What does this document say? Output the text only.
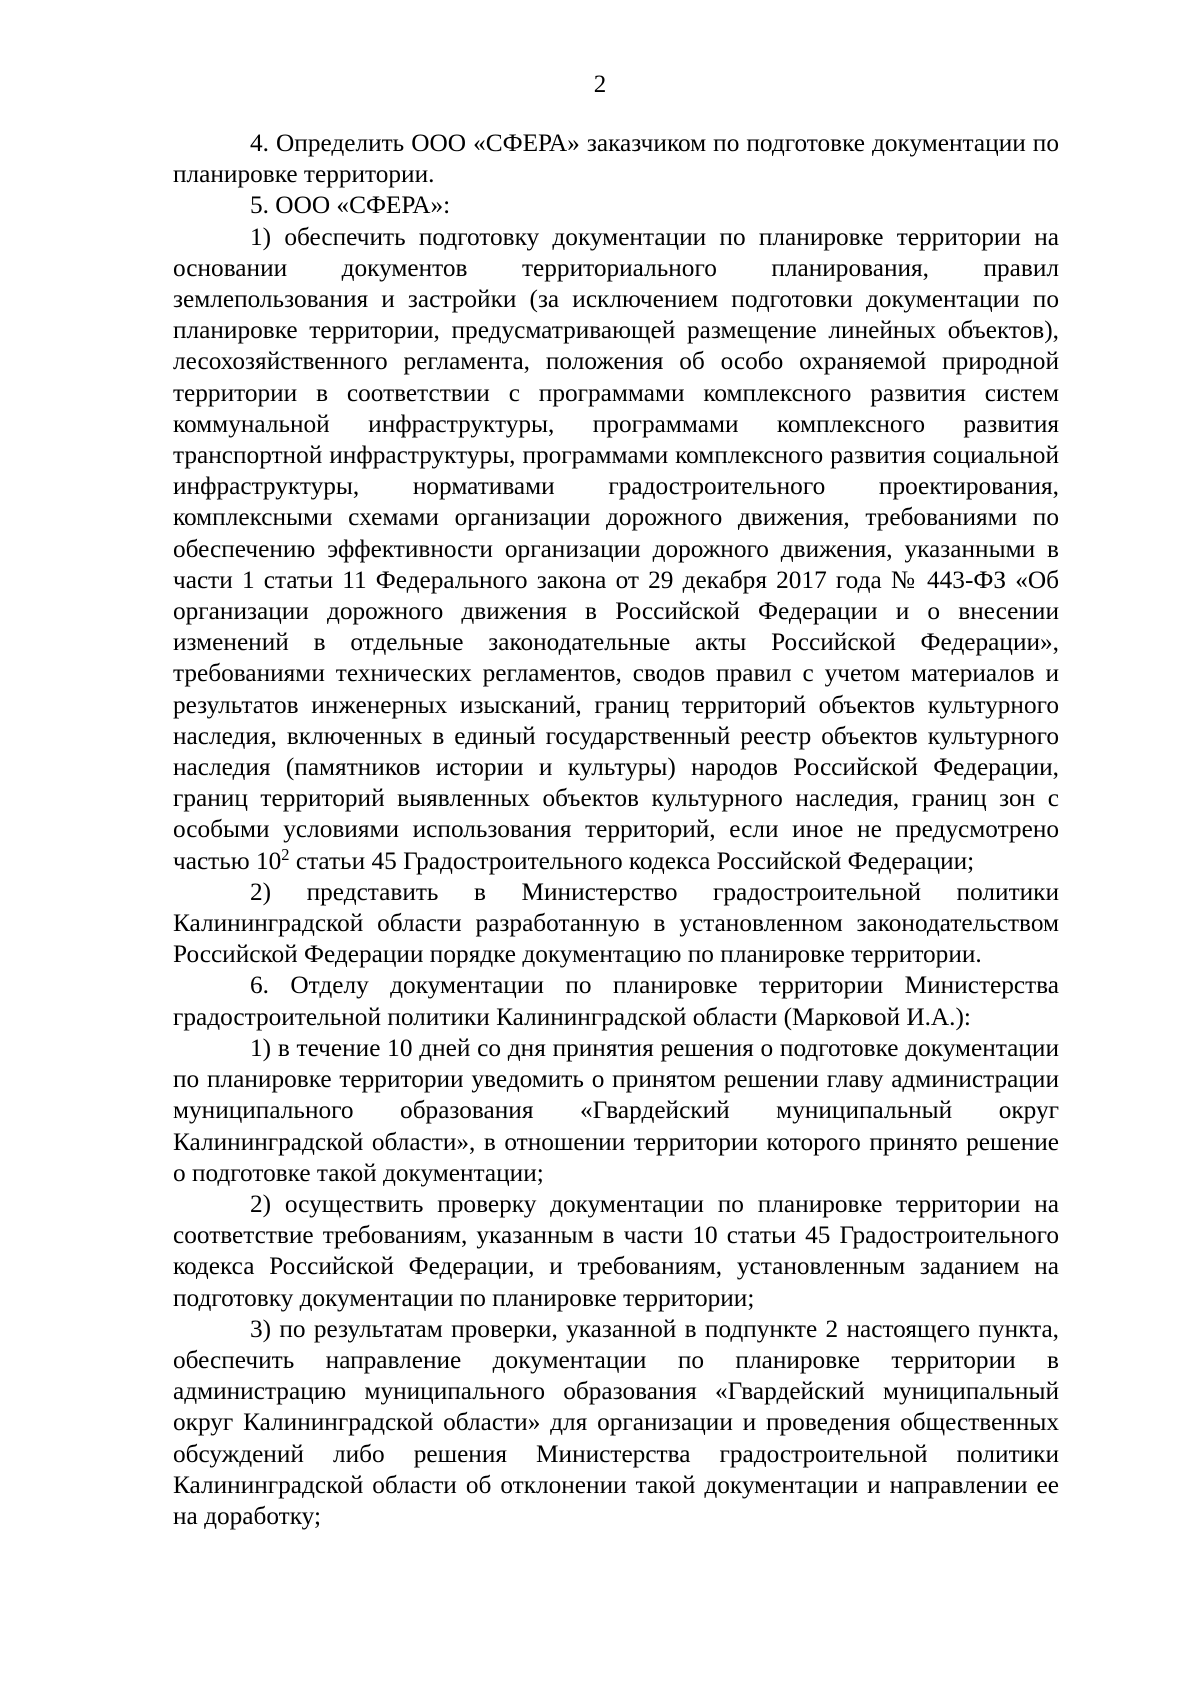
2

4. Определить ООО «СФЕРА» заказчиком по подготовке документации по планировке территории.

5. ООО «СФЕРА»:

1) обеспечить подготовку документации по планировке территории на основании документов территориального планирования, правил землепользования и застройки (за исключением подготовки документации по планировке территории, предусматривающей размещение линейных объектов), лесохозяйственного регламента, положения об особо охраняемой природной территории в соответствии с программами комплексного развития систем коммунальной инфраструктуры, программами комплексного развития транспортной инфраструктуры, программами комплексного развития социальной инфраструктуры, нормативами градостроительного проектирования, комплексными схемами организации дорожного движения, требованиями по обеспечению эффективности организации дорожного движения, указанными в части 1 статьи 11 Федерального закона от 29 декабря 2017 года № 443-ФЗ «Об организации дорожного движения в Российской Федерации и о внесении изменений в отдельные законодательные акты Российской Федерации», требованиями технических регламентов, сводов правил с учетом материалов и результатов инженерных изысканий, границ территорий объектов культурного наследия, включенных в единый государственный реестр объектов культурного наследия (памятников истории и культуры) народов Российской Федерации, границ территорий выявленных объектов культурного наследия, границ зон с особыми условиями использования территорий, если иное не предусмотрено частью $10^2$ статьи 45 Градостроительного кодекса Российской Федерации;

2) представить в Министерство градостроительной политики Калининградской области разработанную в установленном законодательством Российской Федерации порядке документацию по планировке территории.

6. Отделу документации по планировке территории Министерства градостроительной политики Калининградской области (Марковой И.А.):

1) в течение 10 дней со дня принятия решения о подготовке документации по планировке территории уведомить о принятом решении главу администрации муниципального образования «Гвардейский муниципальный округ Калининградской области», в отношении территории которого принято решение о подготовке такой документации;

2) осуществить проверку документации по планировке территории на соответствие требованиям, указанным в части 10 статьи 45 Градостроительного кодекса Российской Федерации, и требованиям, установленным заданием на подготовку документации по планировке территории;

3) по результатам проверки, указанной в подпункте 2 настоящего пункта, обеспечить направление документации по планировке территории в администрацию муниципального образования «Гвардейский муниципальный округ Калининградской области» для организации и проведения общественных обсуждений либо решения Министерства градостроительной политики Калининградской области об отклонении такой документации и направлении ее на доработку;
